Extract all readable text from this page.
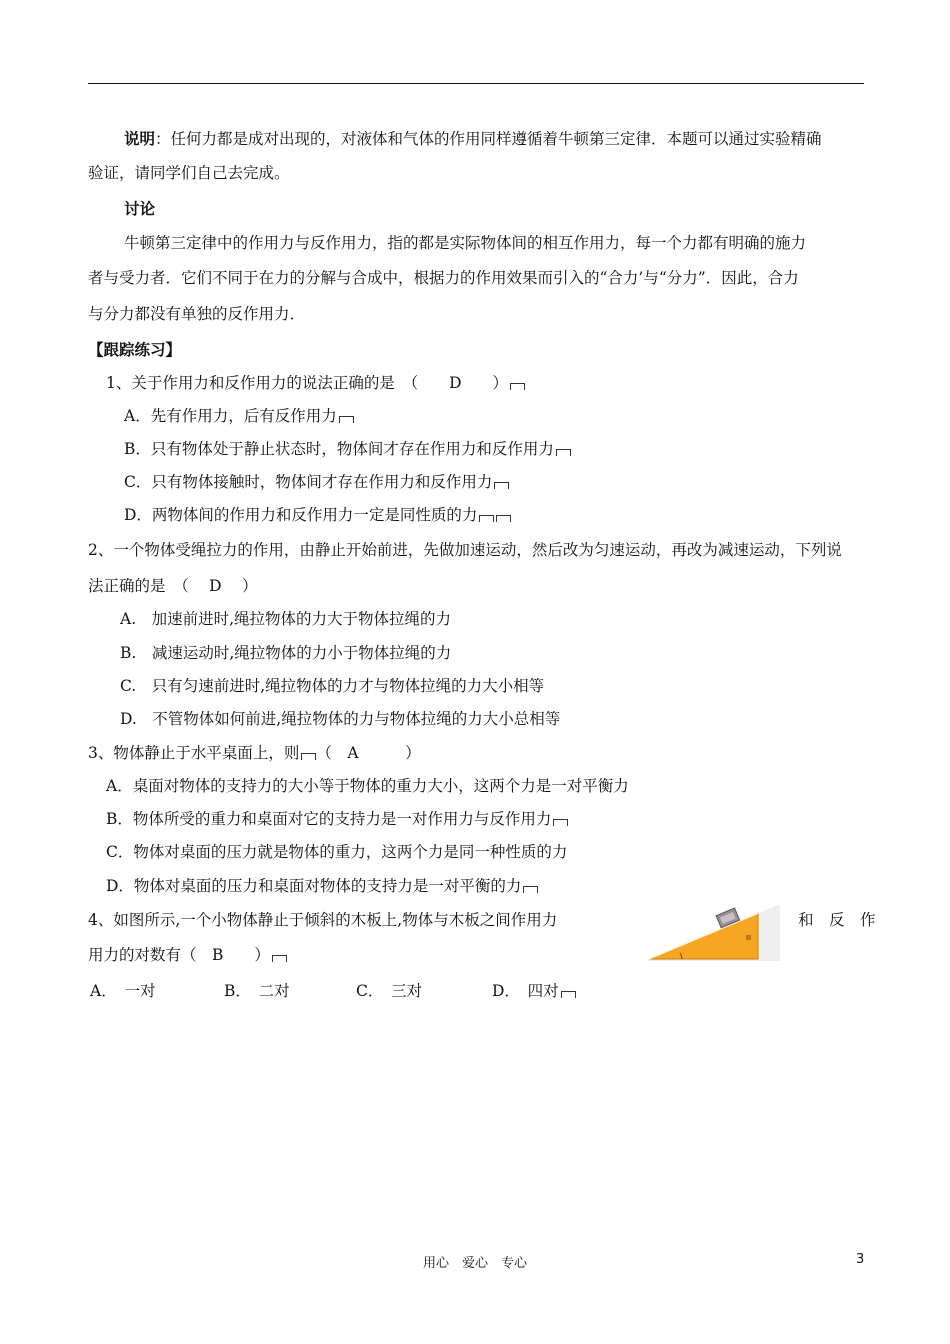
说明：任何力都是成对出现的，对液体和气体的作用同样遵循着牛顿第三定律．本题可以通过实验精确
验证，请同学们自己去完成。
讨论
牛顿第三定律中的作用力与反作用力，指的都是实际物体间的相互作用力，每一个力都有明确的施力
者与受力者．它们不同于在力的分解与合成中，根据力的作用效果而引入的“合力’与“分力”．因此，合力
与分力都没有单独的反作用力．
【跟踪练习】
1、关于作用力和反作用力的说法正确的是　（　　D　　）
A．先有作用力，后有反作用力
B．只有物体处于静止状态时，物体间才存在作用力和反作用力
C．只有物体接触时，物体间才存在作用力和反作用力
D．两物体间的作用力和反作用力一定是同性质的力
2、一个物体受绳拉力的作用，由静止开始前进，先做加速运动，然后改为匀速运动，再改为减速运动，下列说
法正确的是　（　 D　 ）
A.　加速前进时,绳拉物体的力大于物体拉绳的力
B.　减速运动时,绳拉物体的力小于物体拉绳的力
C.　只有匀速前进时,绳拉物体的力才与物体拉绳的力大小相等
D.　不管物体如何前进,绳拉物体的力与物体拉绳的力大小总相等
3、物体静止于水平桌面上，则 （　A　　　）
A．桌面对物体的支持力的大小等于物体的重力大小，这两个力是一对平衡力
B．物体所受的重力和桌面对它的支持力是一对作用力与反作用力
C．物体对桌面的压力就是物体的重力，这两个力是同一种性质的力
D．物体对桌面的压力和桌面对物体的支持力是一对平衡的力
4、如图所示,一个小物体静止于倾斜的木板上,物体与木板之间作用力	和　反　作
用力的对数有（　B　　）
A．　一对	B．　二对	C．　三对	D．　四对
用心　爱心　专心	3
